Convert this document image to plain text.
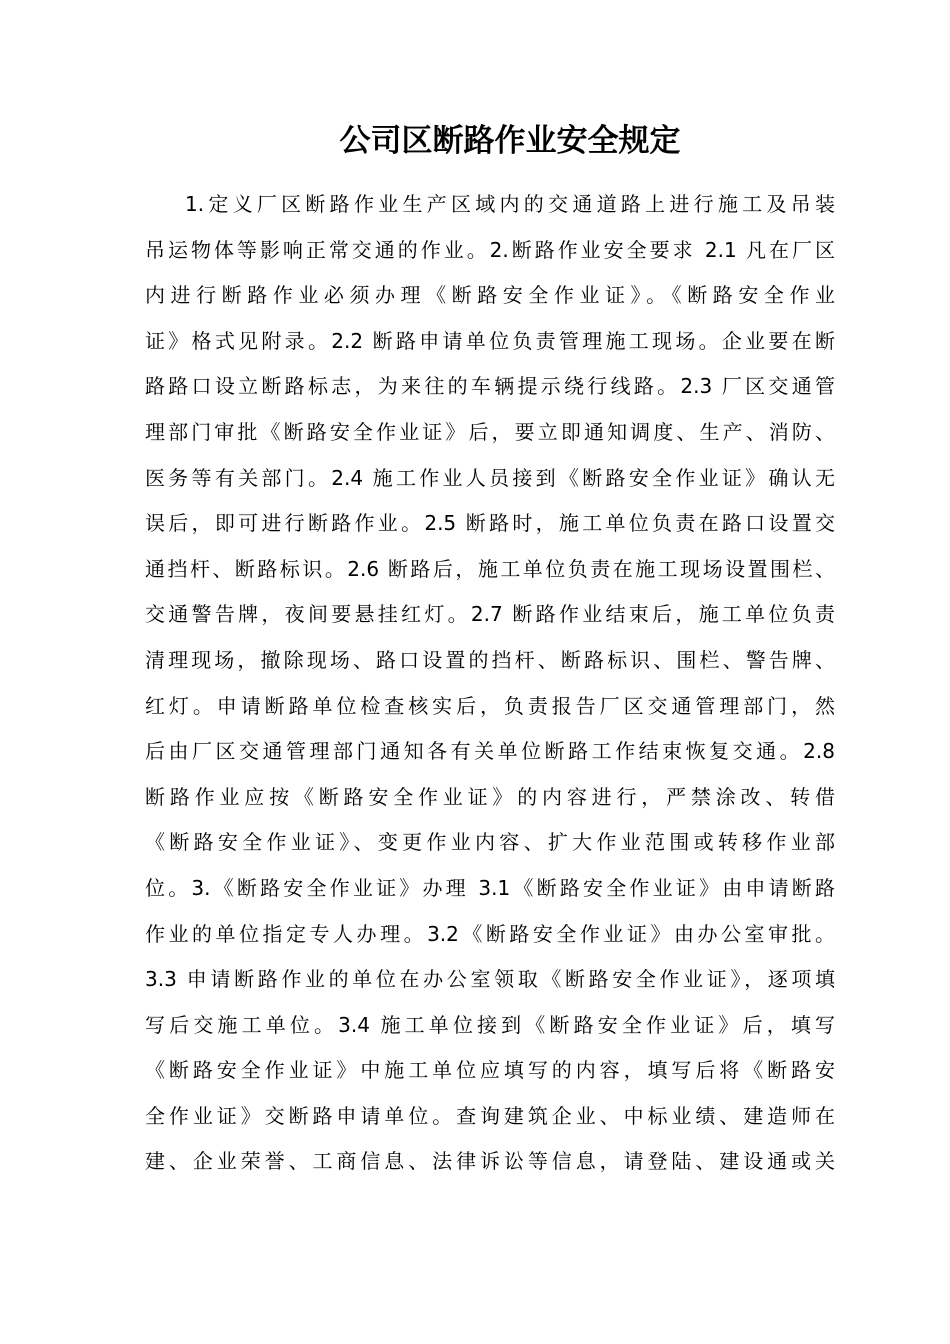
公司区断路作业安全规定
1.定义厂区断路作业生产区域内的交通道路上进行施工及吊装
吊运物体等影响正常交通的作业。2.断路作业安全要求 2.1 凡在厂区
内进行断路作业必须办理《断路安全作业证》。《断路安全作业
证》格式见附录。2.2 断路申请单位负责管理施工现场。企业要在断
路路口设立断路标志，为来往的车辆提示绕行线路。2.3 厂区交通管
理部门审批《断路安全作业证》后，要立即通知调度、生产、消防、
医务等有关部门。2.4 施工作业人员接到《断路安全作业证》确认无
误后，即可进行断路作业。2.5 断路时，施工单位负责在路口设置交
通挡杆、断路标识。2.6 断路后，施工单位负责在施工现场设置围栏、
交通警告牌，夜间要悬挂红灯。2.7 断路作业结束后，施工单位负责
清理现场，撤除现场、路口设置的挡杆、断路标识、围栏、警告牌、
红灯。申请断路单位检查核实后，负责报告厂区交通管理部门，然
后由厂区交通管理部门通知各有关单位断路工作结束恢复交通。2.8
断路作业应按《断路安全作业证》的内容进行，严禁涂改、转借
《断路安全作业证》、变更作业内容、扩大作业范围或转移作业部
位。3.《断路安全作业证》办理 3.1《断路安全作业证》由申请断路
作业的单位指定专人办理。3.2《断路安全作业证》由办公室审批。
3.3 申请断路作业的单位在办公室领取《断路安全作业证》，逐项填
写后交施工单位。3.4 施工单位接到《断路安全作业证》后，填写
《断路安全作业证》中施工单位应填写的内容，填写后将《断路安
全作业证》交断路申请单位。查询建筑企业、中标业绩、建造师在
建、企业荣誉、工商信息、法律诉讼等信息，请登陆、建设通或关
